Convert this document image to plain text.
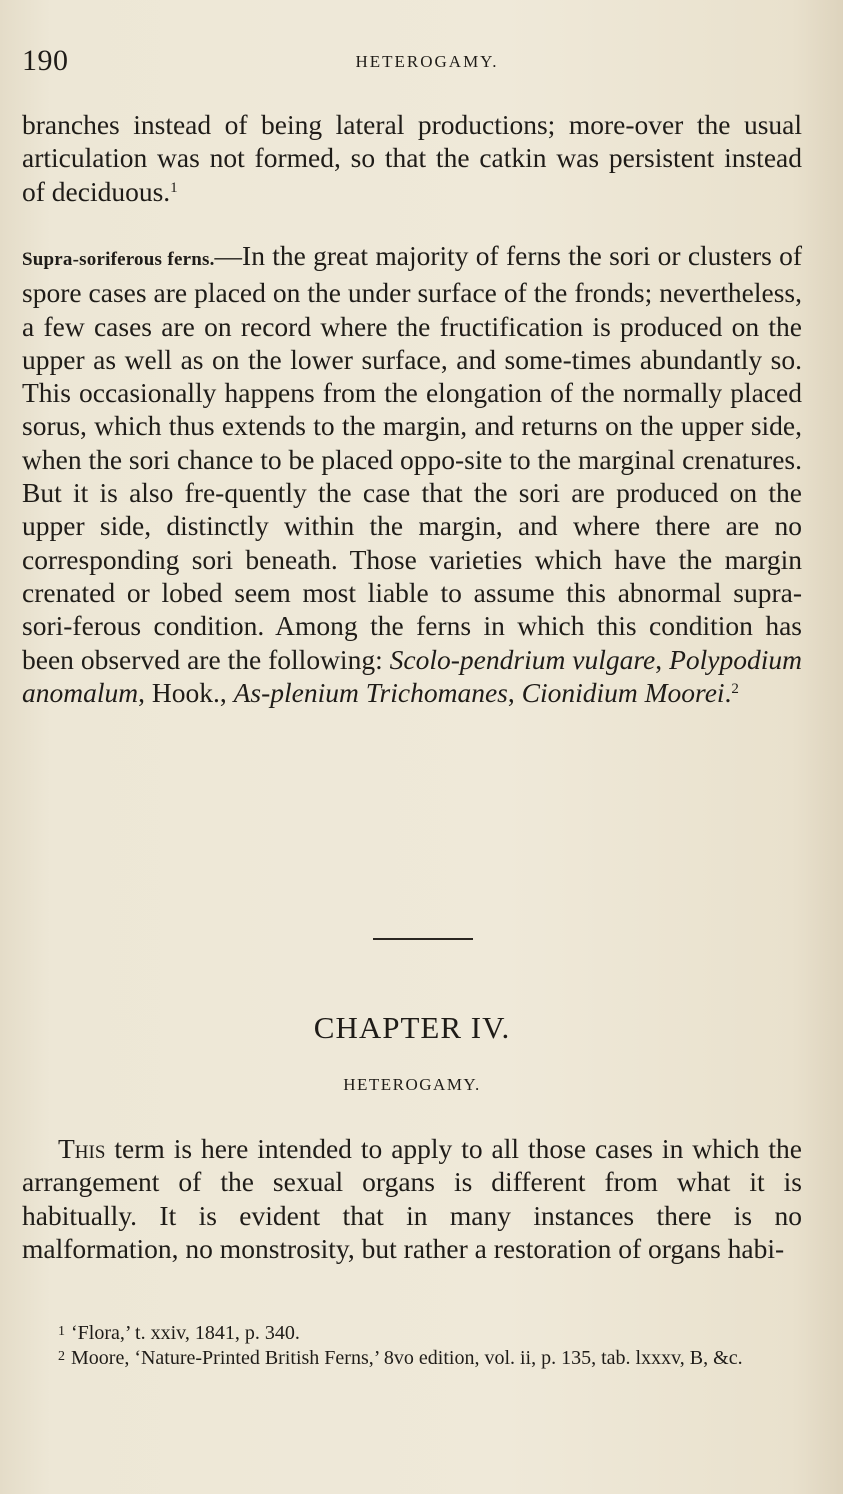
190	HETEROGAMY.
branches instead of being lateral productions; more-over the usual articulation was not formed, so that the catkin was persistent instead of deciduous.$^1$
Supra-soriferous ferns.—In the great majority of ferns the sori or clusters of spore cases are placed on the under surface of the fronds; nevertheless, a few cases are on record where the fructification is produced on the upper as well as on the lower surface, and some-times abundantly so. This occasionally happens from the elongation of the normally placed sorus, which thus extends to the margin, and returns on the upper side, when the sori chance to be placed oppo-site to the marginal crenatures. But it is also fre-quently the case that the sori are produced on the upper side, distinctly within the margin, and where there are no corresponding sori beneath. Those varieties which have the margin crenated or lobed seem most liable to assume this abnormal supra-sori-ferous condition. Among the ferns in which this condition has been observed are the following: Scolo-pendrium vulgare, Polypodium anomalum, Hook., As-plenium Trichomanes, Cionidium Moorei.$^2$
CHAPTER IV.
HETEROGAMY.
This term is here intended to apply to all those cases in which the arrangement of the sexual organs is different from what it is habitually. It is evident that in many instances there is no malformation, no monstrosity, but rather a restoration of organs habi-

$^1$ ‘Flora,’ t. xxiv, 1841, p. 340.

$^2$ Moore, ‘Nature-Printed British Ferns,’ 8vo edition, vol. ii, p. 135, tab. lxxxv, B, &c.
